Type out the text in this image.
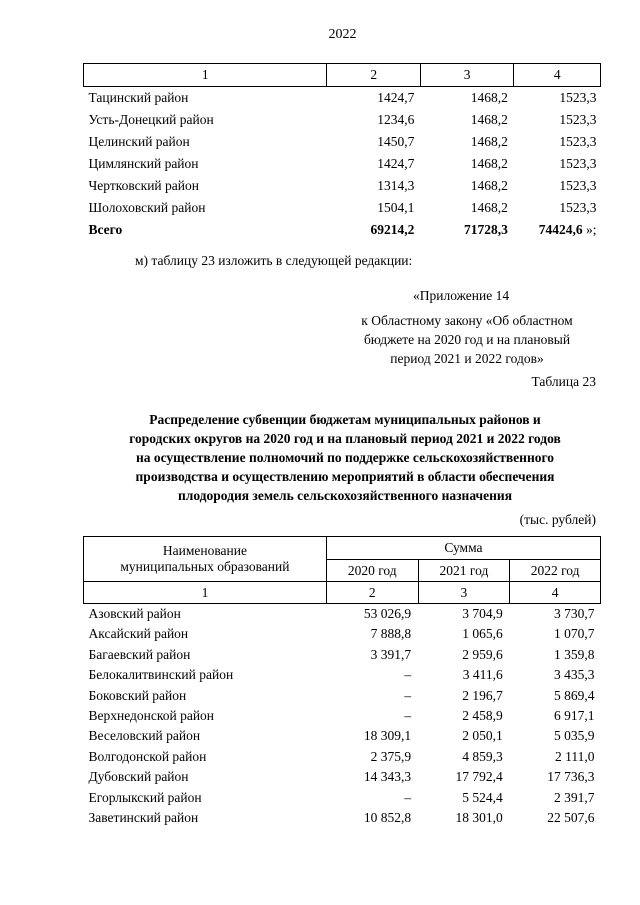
2022
1	2	3	4
Тацинский район	1424,7	1468,2	1523,3
Усть-Донецкий район	1234,6	1468,2	1523,3
Целинский район	1450,7	1468,2	1523,3
Цимлянский район	1424,7	1468,2	1523,3
Чертковский район	1314,3	1468,2	1523,3
Шолоховский район	1504,1	1468,2	1523,3
Всего	69214,2	71728,3	74424,6 »;
м) таблицу 23 изложить в следующей редакции:
«Приложение 14
к Областному закону «Об областном
бюджете на 2020 год и на плановый
период 2021 и 2022 годов»
Таблица 23
Распределение субвенции бюджетам муниципальных районов и
городских округов на 2020 год и на плановый период 2021 и 2022 годов
на осуществление полномочий по поддержке сельскохозяйственного
производства и осуществлению мероприятий в области обеспечения
плодородия земель сельскохозяйственного назначения
(тыс. рублей)
Наименование
муниципальных образований	Сумма		
	2020 год	2021 год	2022 год
1	2	3	4
Азовский район	53 026,9	3 704,9	3 730,7
Аксайский район	7 888,8	1 065,6	1 070,7
Багаевский район	3 391,7	2 959,6	1 359,8
Белокалитвинский район	–	3 411,6	3 435,3
Боковский район	–	2 196,7	5 869,4
Верхнедонской район	–	2 458,9	6 917,1
Веселовский район	18 309,1	2 050,1	5 035,9
Волгодонской район	2 375,9	4 859,3	2 111,0
Дубовский район	14 343,3	17 792,4	17 736,3
Егорлыкский район	–	5 524,4	2 391,7
Заветинский район	10 852,8	18 301,0	22 507,6
